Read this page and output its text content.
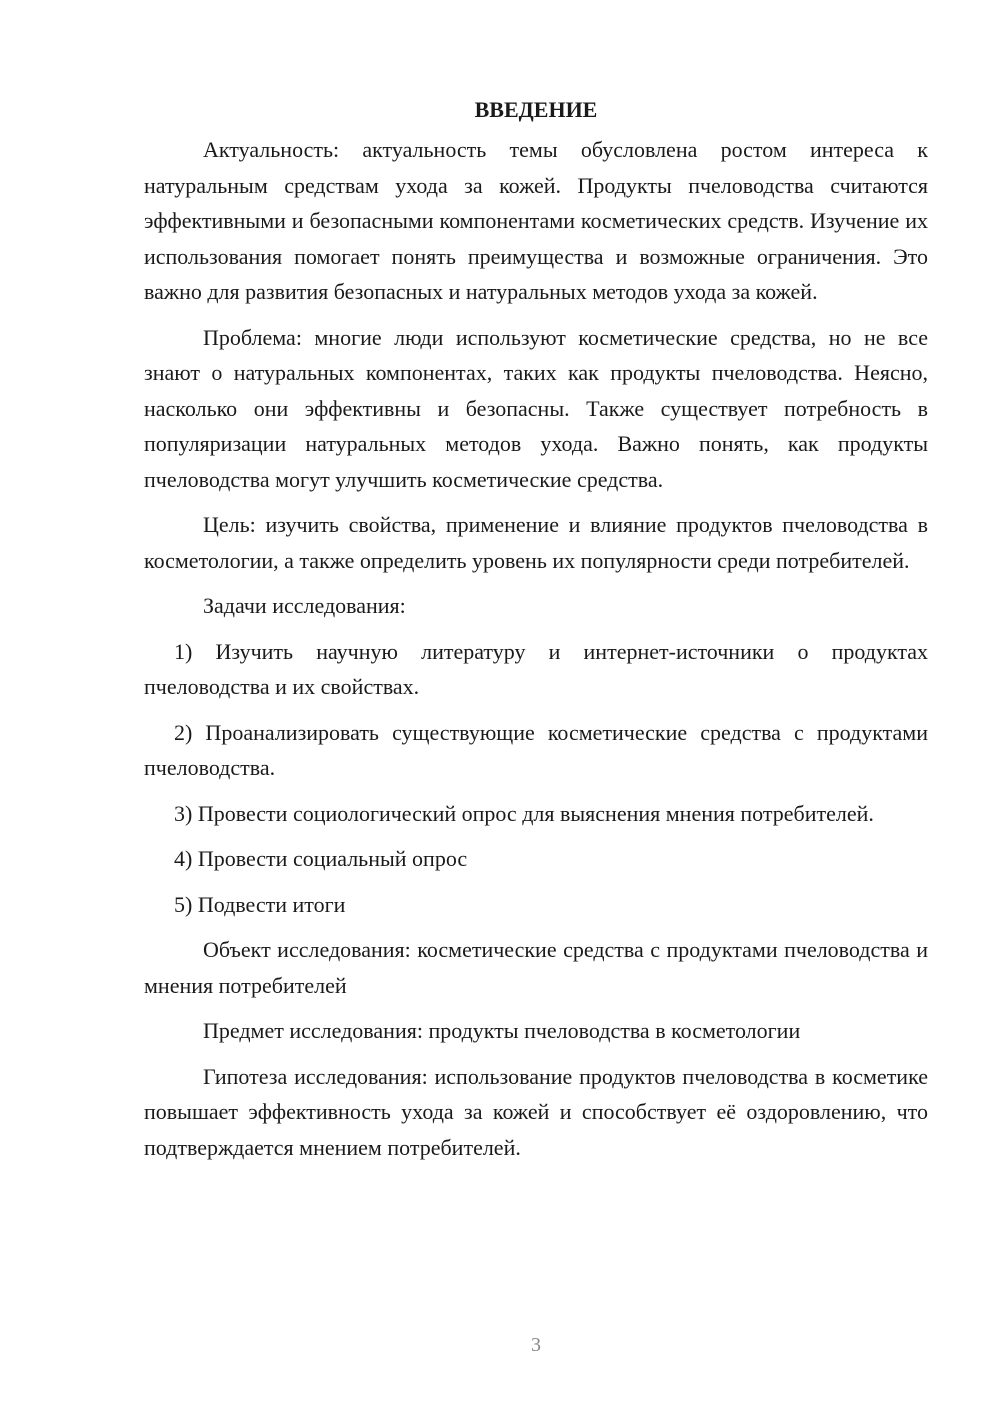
ВВЕДЕНИЕ

Актуальность: актуальность темы обусловлена ростом интереса к натуральным средствам ухода за кожей. Продукты пчеловодства считаются эффективными и безопасными компонентами косметических средств. Изучение их использования помогает понять преимущества и возможные ограничения. Это важно для развития безопасных и натуральных методов ухода за кожей.

Проблема: многие люди используют косметические средства, но не все знают о натуральных компонентах, таких как продукты пчеловодства. Неясно, насколько они эффективны и безопасны. Также существует потребность в популяризации натуральных методов ухода. Важно понять, как продукты пчеловодства могут улучшить косметические средства.

Цель: изучить свойства, применение и влияние продуктов пчеловодства в косметологии, а также определить уровень их популярности среди потребителей.

Задачи исследования:

1) Изучить научную литературу и интернет-источники о продуктах пчеловодства и их свойствах.

2) Проанализировать существующие косметические средства с продуктами пчеловодства.

3) Провести социологический опрос для выяснения мнения потребителей.

4) Провести социальный опрос

5) Подвести итоги

Объект исследования: косметические средства с продуктами пчеловодства и мнения потребителей

Предмет исследования: продукты пчеловодства в косметологии

Гипотеза исследования: использование продуктов пчеловодства в косметике повышает эффективность ухода за кожей и способствует её оздоровлению, что подтверждается мнением потребителей.

3
